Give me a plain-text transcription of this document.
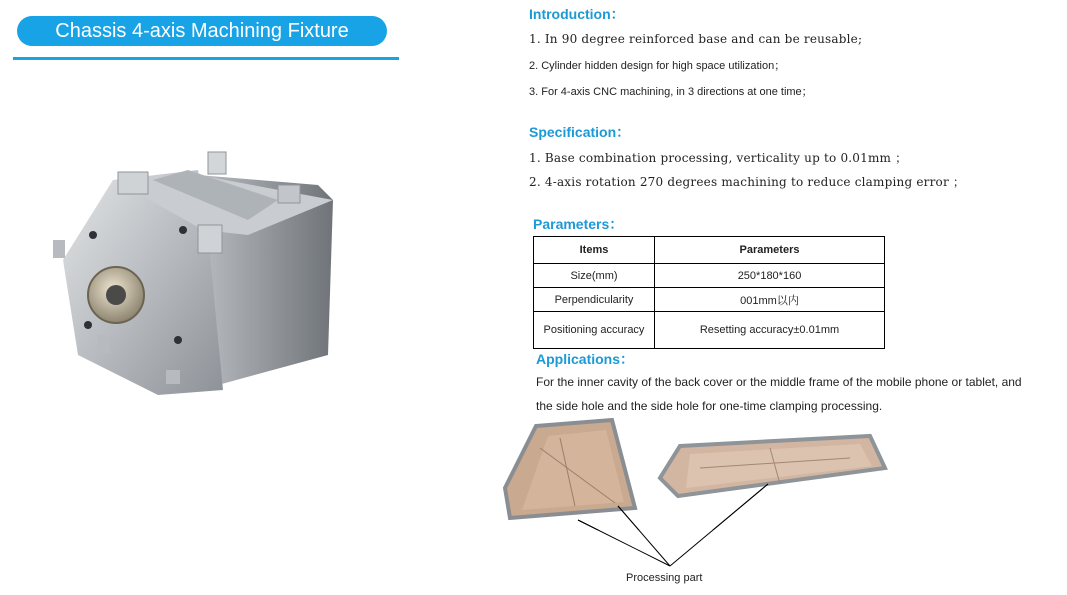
Chassis 4-axis Machining Fixture
Introduction：
1. In 90 degree reinforced base and can be reusable;
2. Cylinder hidden design for high space utilization；
3. For 4-axis CNC machining, in 3 directions at one time；
Specification：
1. Base combination processing, verticality up to 0.01mm ；
2. 4-axis rotation 270 degrees machining to reduce clamping error ；
Parameters：
Items	Parameters
Size(mm)	250*180*160
Perpendicularity	001mm以内
Positioning accuracy	Resetting accuracy±0.01mm
Applications：
For the inner cavity of the back cover or the middle frame of the mobile phone or tablet, and
the side hole and the side hole for one-time clamping processing.
Processing part
